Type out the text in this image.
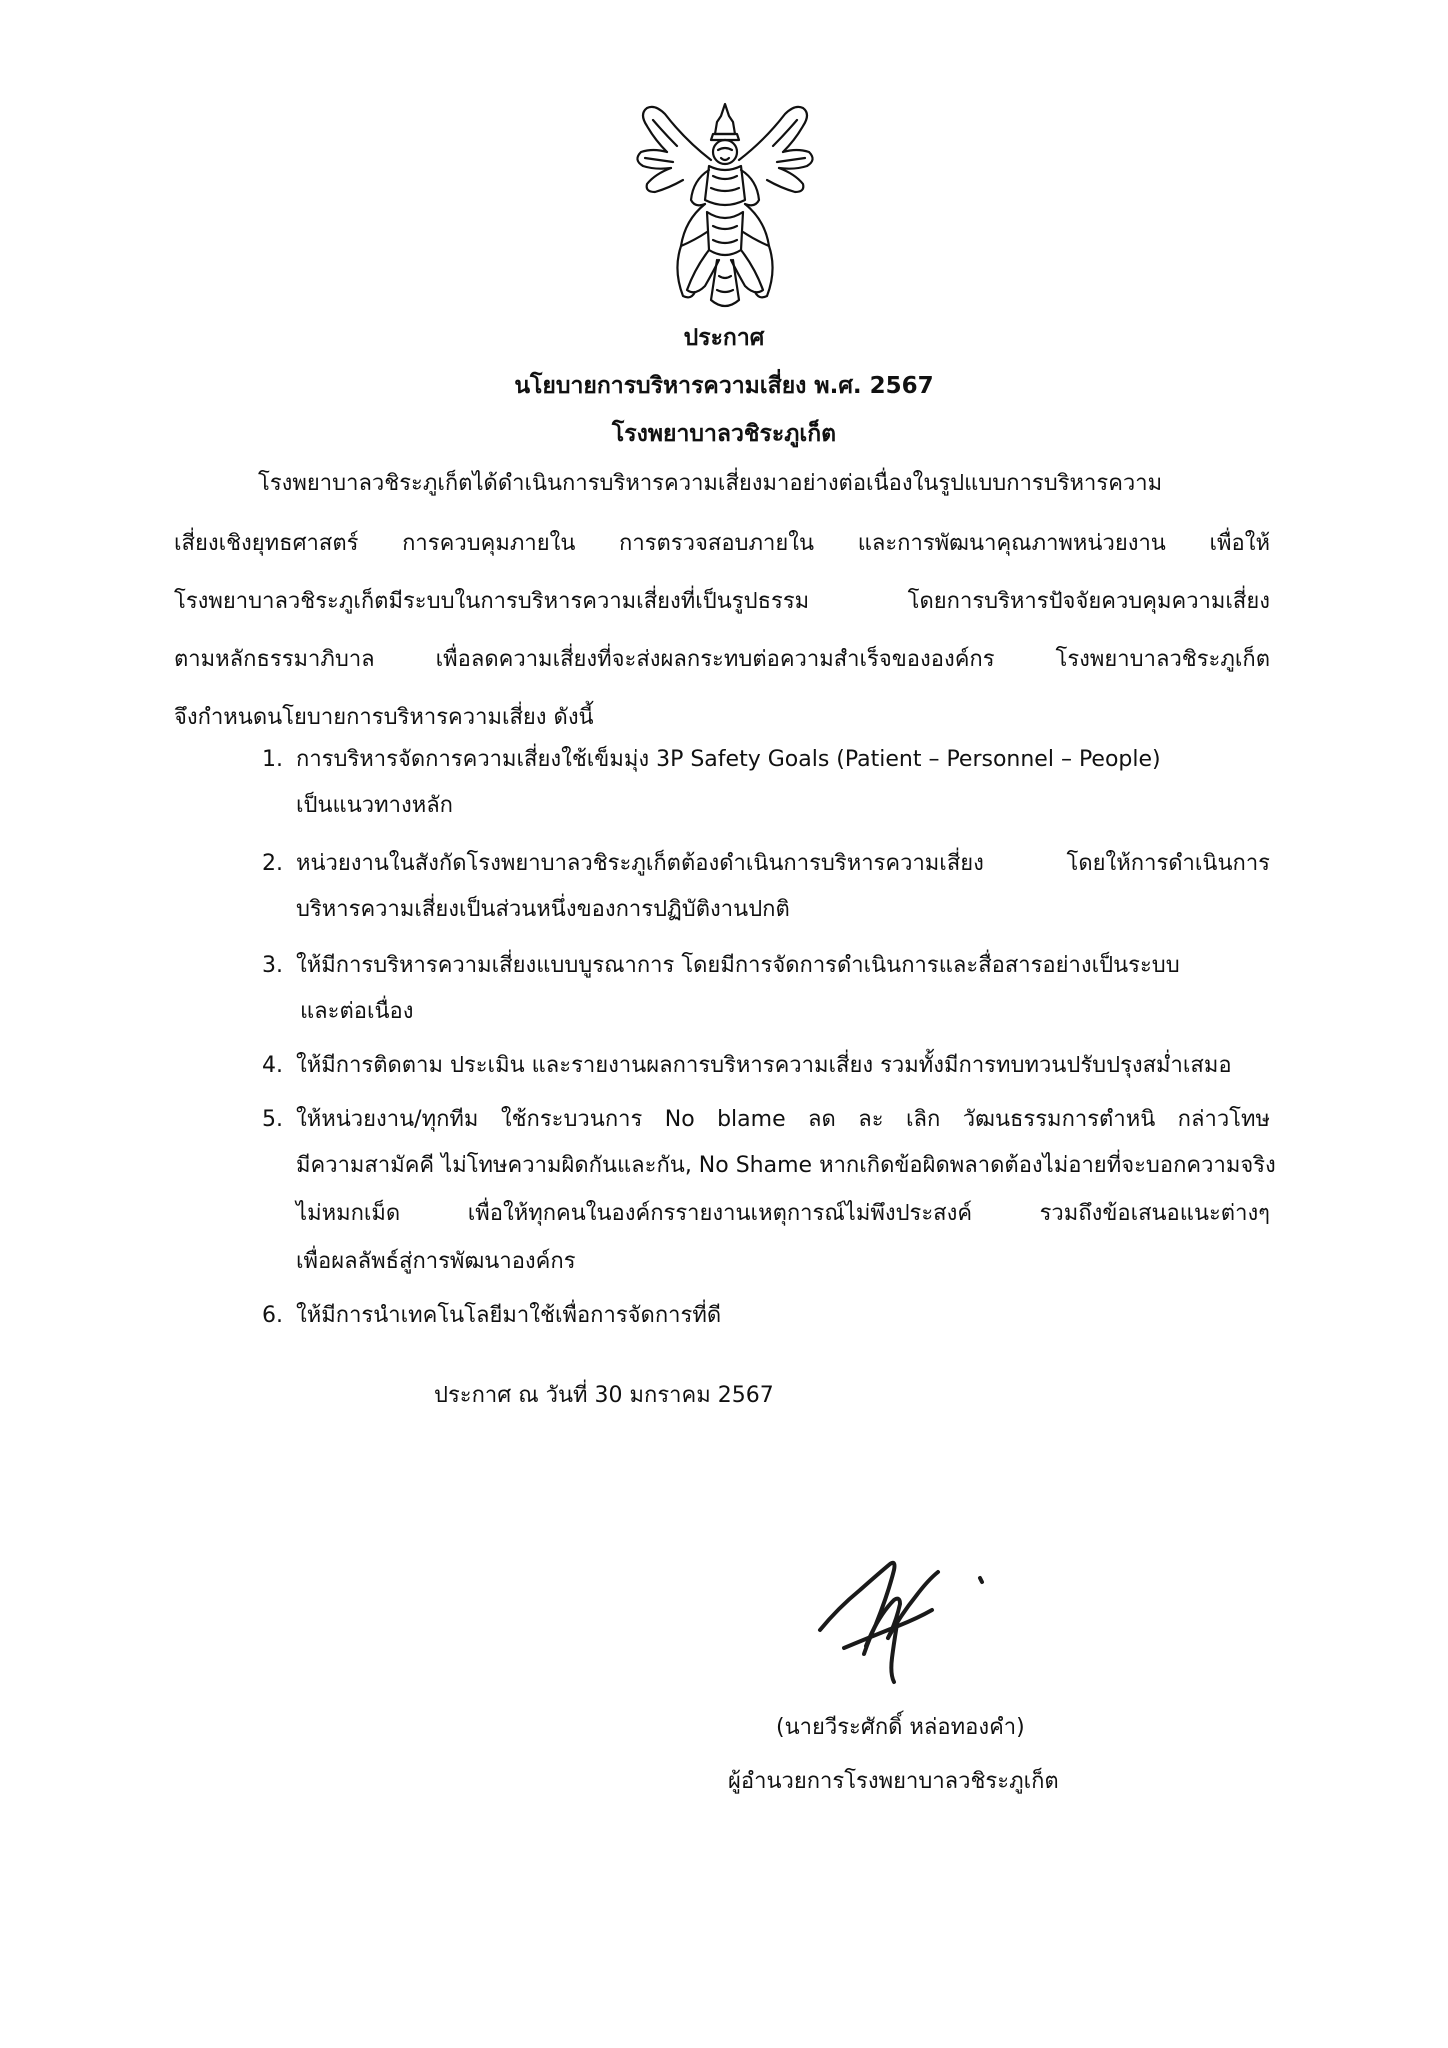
ประกาศ
นโยบายการบริหารความเสี่ยง พ.ศ. 2567
โรงพยาบาลวชิระภูเก็ต
โรงพยาบาลวชิระภูเก็ตได้ดำเนินการบริหารความเสี่ยงมาอย่างต่อเนื่องในรูปแบบการบริหารความ
เสี่ยงเชิงยุทธศาสตร์ การควบคุมภายใน การตรวจสอบภายใน และการพัฒนาคุณภาพหน่วยงาน เพื่อให้
โรงพยาบาลวชิระภูเก็ตมีระบบในการบริหารความเสี่ยงที่เป็นรูปธรรม โดยการบริหารปัจจัยควบคุมความเสี่ยง
ตามหลักธรรมาภิบาล เพื่อลดความเสี่ยงที่จะส่งผลกระทบต่อความสำเร็จขององค์กร โรงพยาบาลวชิระภูเก็ต
จึงกำหนดนโยบายการบริหารความเสี่ยง ดังนี้
1. การบริหารจัดการความเสี่ยงใช้เข็มมุ่ง 3P Safety Goals (Patient – Personnel – People)
เป็นแนวทางหลัก
2. หน่วยงานในสังกัดโรงพยาบาลวชิระภูเก็ตต้องดำเนินการบริหารความเสี่ยง โดยให้การดำเนินการ
บริหารความเสี่ยงเป็นส่วนหนึ่งของการปฏิบัติงานปกติ
3. ให้มีการบริหารความเสี่ยงแบบบูรณาการ โดยมีการจัดการดำเนินการและสื่อสารอย่างเป็นระบบ
และต่อเนื่อง
4. ให้มีการติดตาม ประเมิน และรายงานผลการบริหารความเสี่ยง รวมทั้งมีการทบทวนปรับปรุงสม่ำเสมอ
5. ให้หน่วยงาน/ทุกทีม ใช้กระบวนการ No blame ลด ละ เลิก วัฒนธรรมการตำหนิ กล่าวโทษ
มีความสามัคคี ไม่โทษความผิดกันและกัน, No Shame หากเกิดข้อผิดพลาดต้องไม่อายที่จะบอกความจริง
ไม่หมกเม็ด เพื่อให้ทุกคนในองค์กรรายงานเหตุการณ์ไม่พึงประสงค์ รวมถึงข้อเสนอแนะต่างๆ
เพื่อผลลัพธ์สู่การพัฒนาองค์กร
6. ให้มีการนำเทคโนโลยีมาใช้เพื่อการจัดการที่ดี
ประกาศ ณ วันที่ 30 มกราคม 2567
(นายวีระศักดิ์ หล่อทองคำ)
ผู้อำนวยการโรงพยาบาลวชิระภูเก็ต
